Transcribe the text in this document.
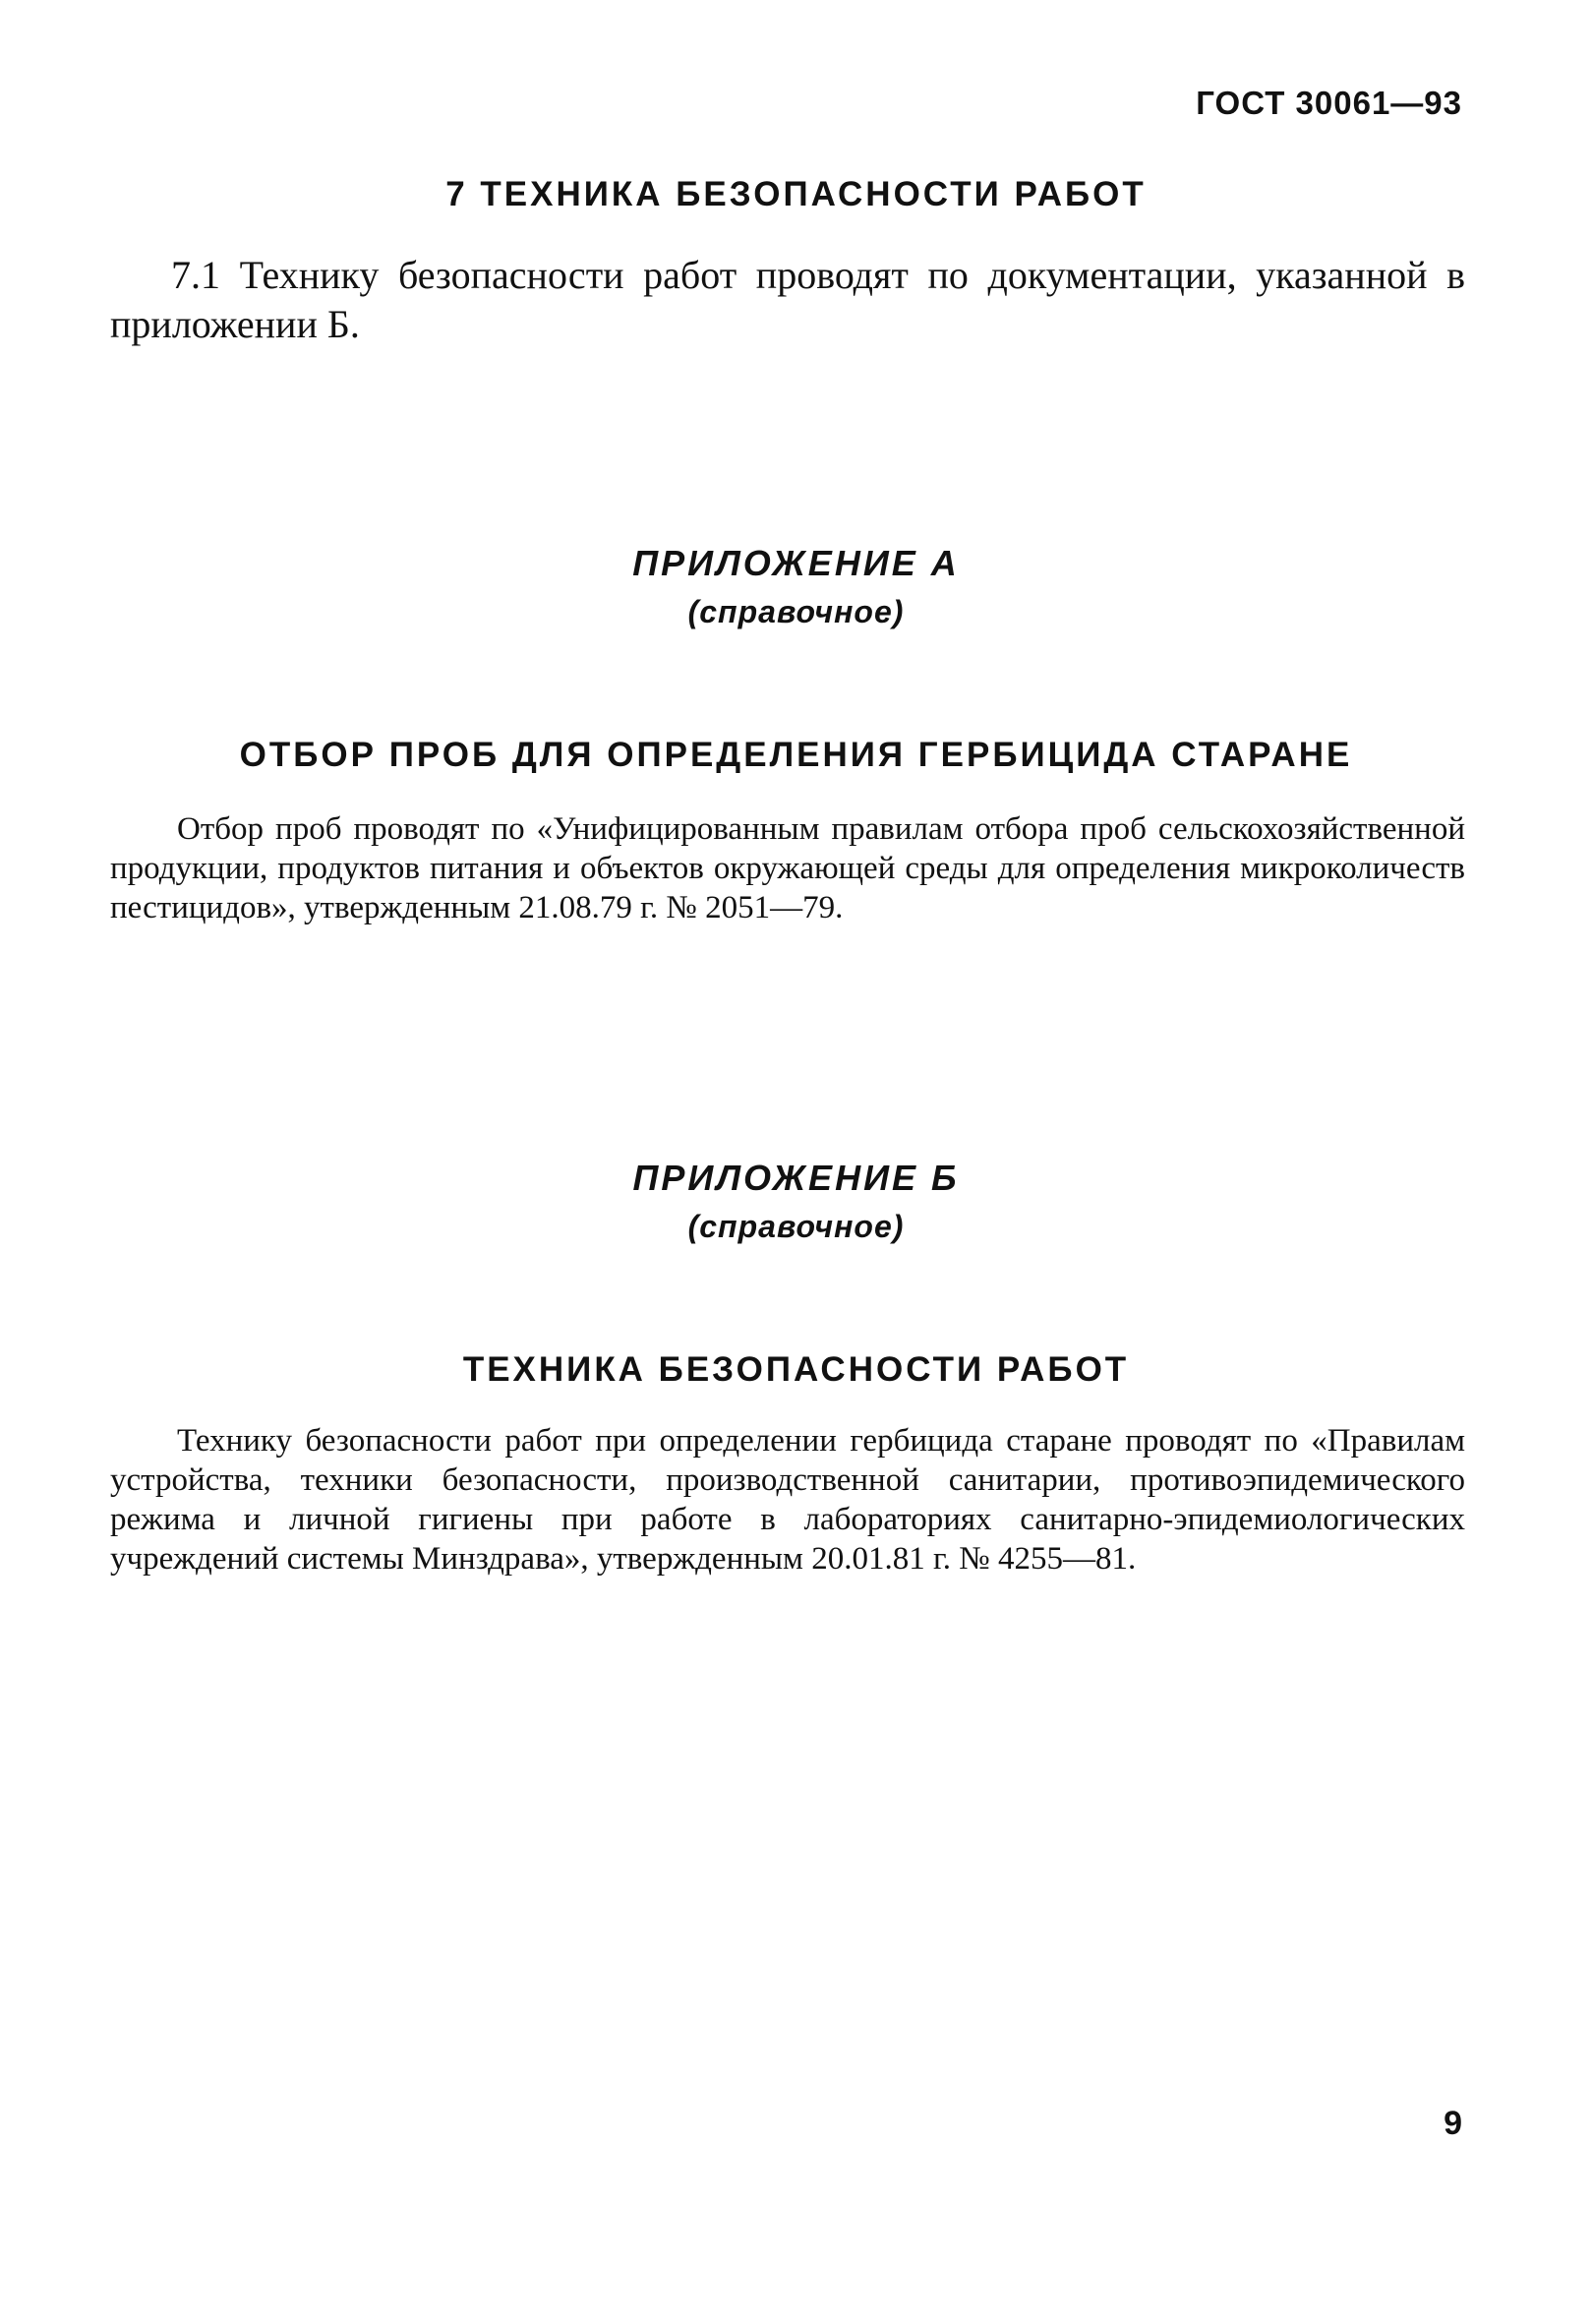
ГОСТ 30061—93
7 ТЕХНИКА БЕЗОПАСНОСТИ РАБОТ

7.1 Технику безопасности работ проводят по документации, указанной в приложении Б.

ПРИЛОЖЕНИЕ А
(справочное)
ОТБОР ПРОБ ДЛЯ ОПРЕДЕЛЕНИЯ ГЕРБИЦИДА СТАРАНЕ

Отбор проб проводят по «Унифицированным правилам отбора проб сельскохозяйственной продукции, продуктов питания и объектов окружающей среды для определения микроколичеств пестицидов», утвержденным 21.08.79 г. № 2051—79.

ПРИЛОЖЕНИЕ Б
(справочное)
ТЕХНИКА БЕЗОПАСНОСТИ РАБОТ

Технику безопасности работ при определении гербицида старане проводят по «Правилам устройства, техники безопасности, производственной санитарии, противоэпидемического режима и личной гигиены при работе в лабораториях санитарно-эпидемиологических учреждений системы Минздрава», утвержденным 20.01.81 г. № 4255—81.

9
